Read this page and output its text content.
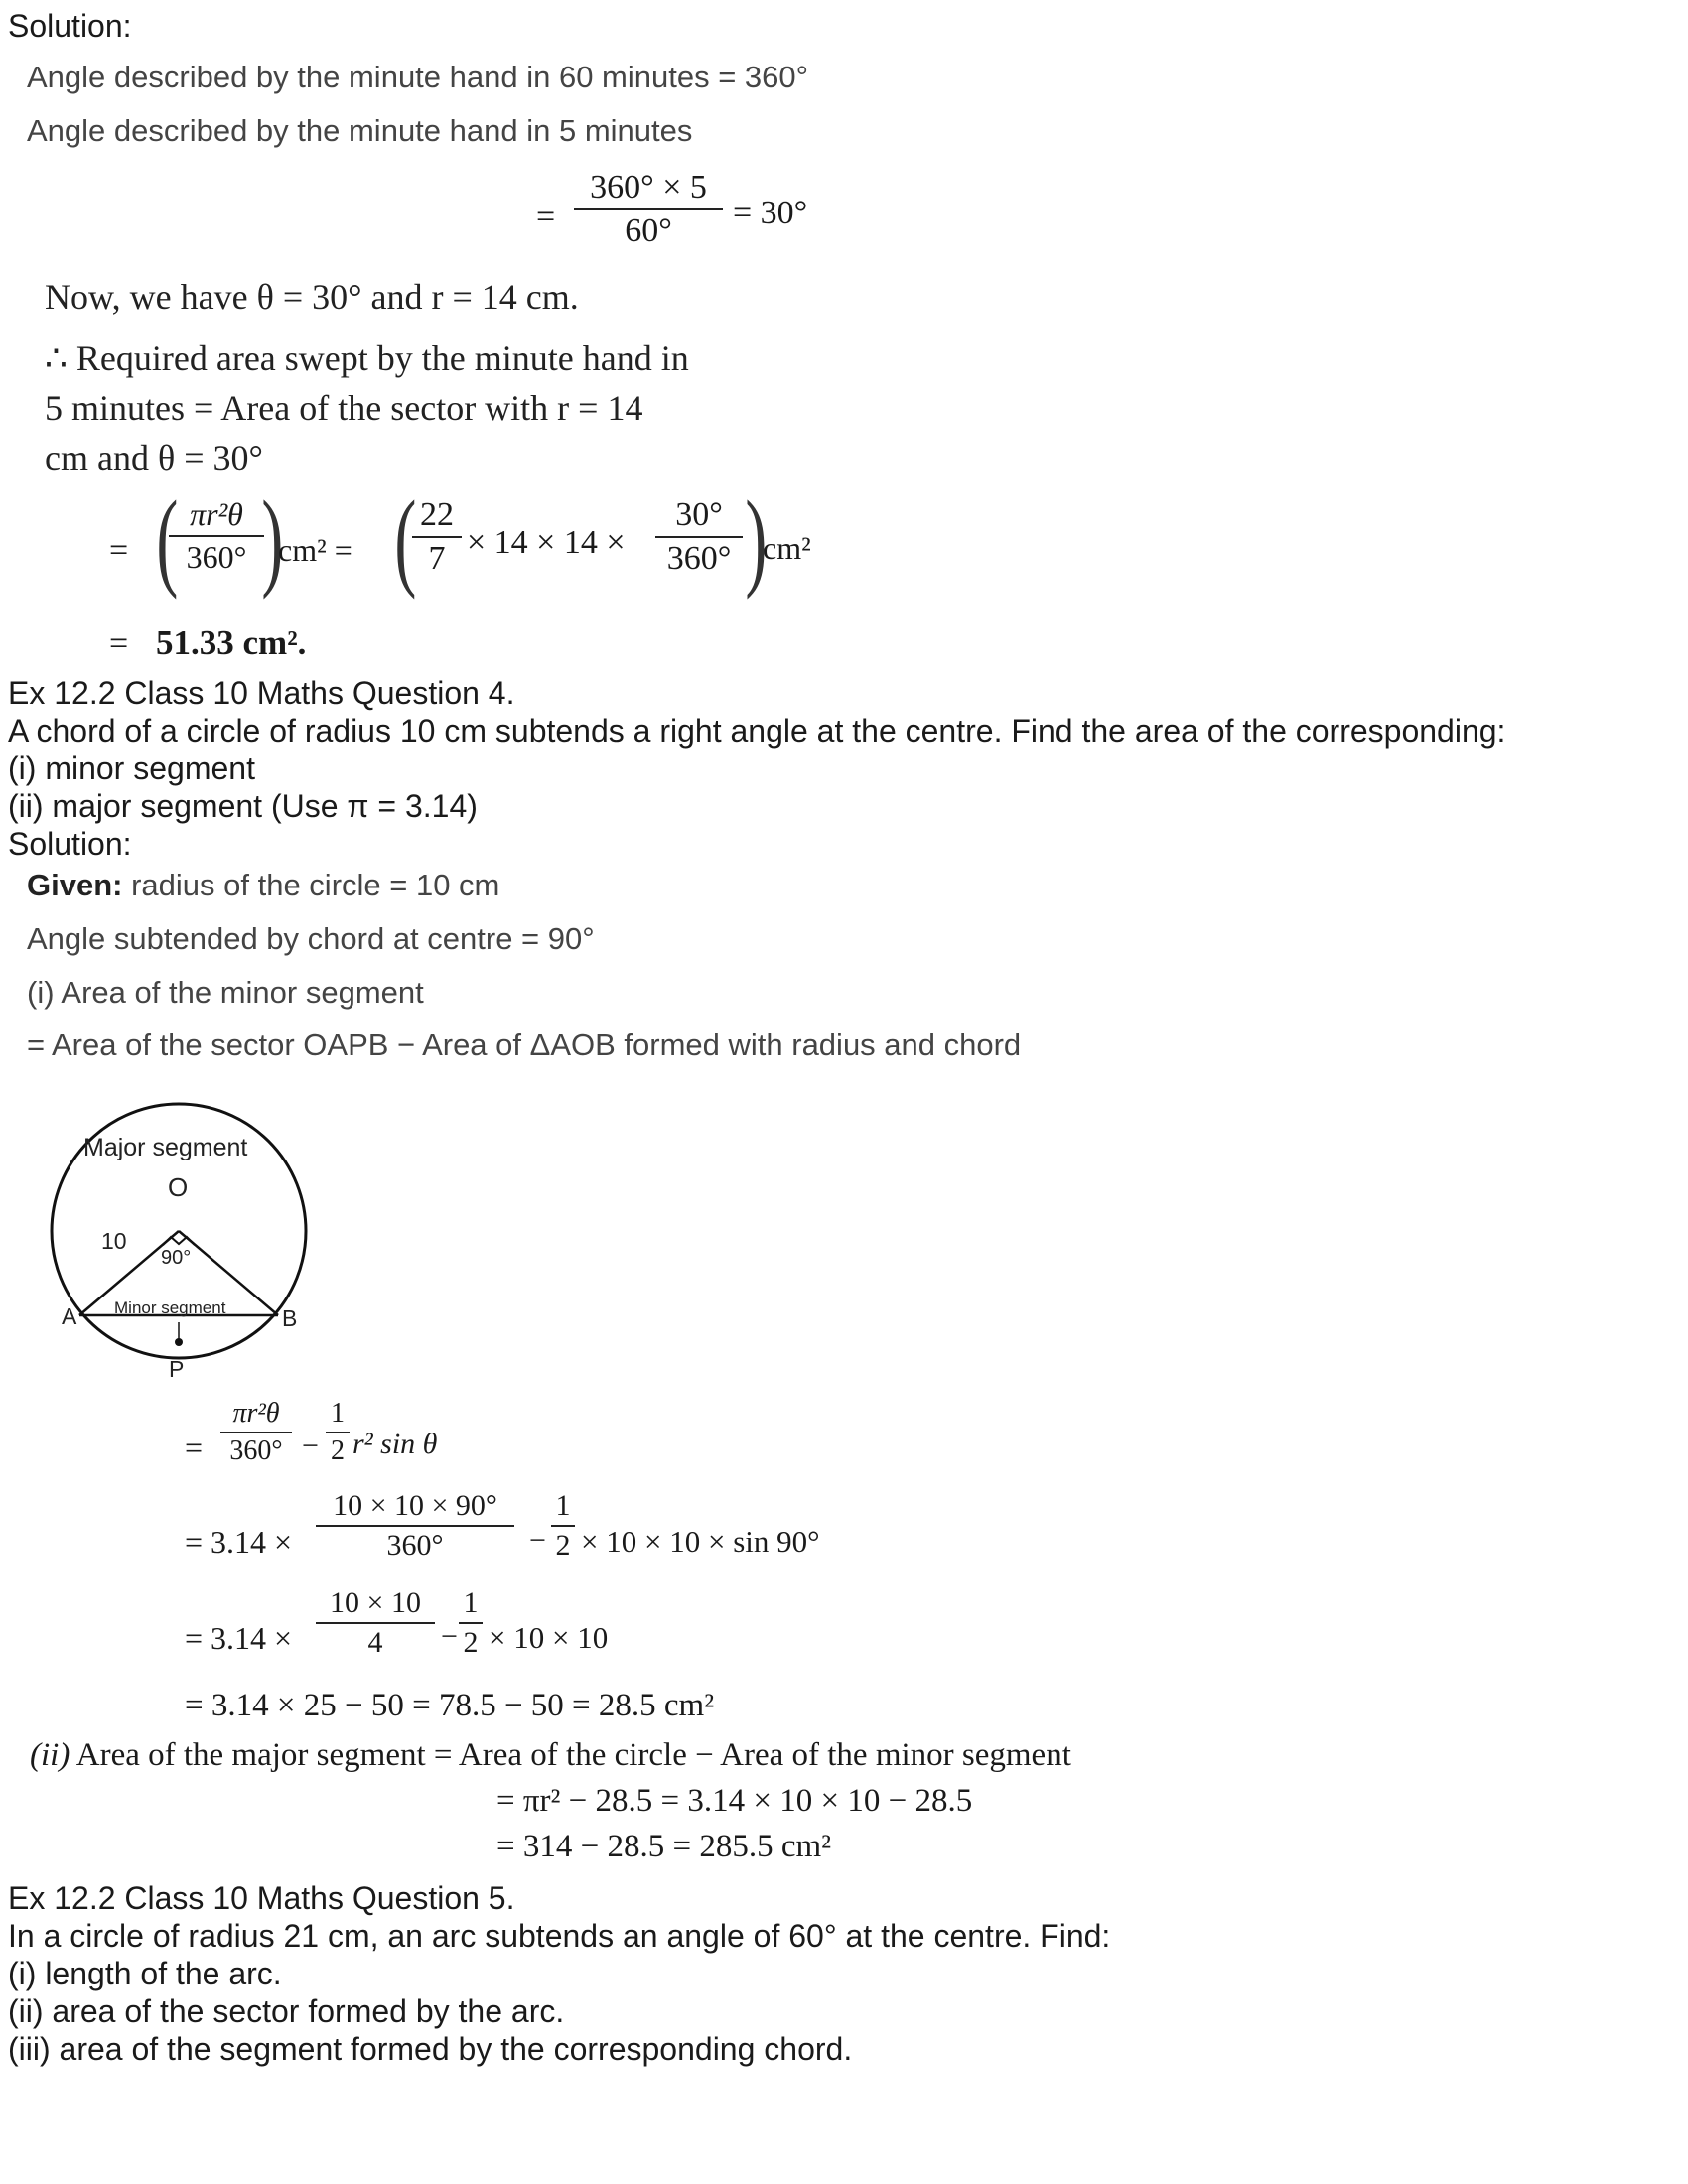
Solution:
Angle described by the minute hand in 60 minutes = 360°
Angle described by the minute hand in 5 minutes
=
360° × 5
60°	= 30°
Now, we have θ = 30° and r = 14 cm.
∴ Required area swept by the minute hand in
5 minutes = Area of the sector with r = 14
cm and θ = 30°
= ( πr²θ
360° )
cm² = ( 22
7 × 14 × 14 ×
30°
360° )
cm²
= 51.33 cm².
Ex 12.2 Class 10 Maths Question 4.
A chord of a circle of radius 10 cm subtends a right angle at the centre. Find the area of the corresponding:
(i) minor segment
(ii) major segment (Use π = 3.14)
Solution:
Given: radius of the circle = 10 cm
Angle subtended by chord at centre = 90°
(i) Area of the minor segment
= Area of the sector OAPB − Area of ΔAOB formed with radius and chord
Major segment
O
10
90°
A	B
P
Minor segment
=
πr²θ
360° −
1
2 r² sin θ
= 3.14 ×
10 × 10 × 90°
360°	−
1
2 × 10 × 10 × sin 90°
= 3.14 ×
10 × 10
4	−
1
2 × 10 × 10
= 3.14 × 25 − 50 = 78.5 − 50 = 28.5 cm²
(ii) Area of the major segment = Area of the circle − Area of the minor segment
= πr² − 28.5 = 3.14 × 10 × 10 − 28.5
= 314 − 28.5 = 285.5 cm²
Ex 12.2 Class 10 Maths Question 5.
In a circle of radius 21 cm, an arc subtends an angle of 60° at the centre. Find:
(i) length of the arc.
(ii) area of the sector formed by the arc.
(iii) area of the segment formed by the corresponding chord.
